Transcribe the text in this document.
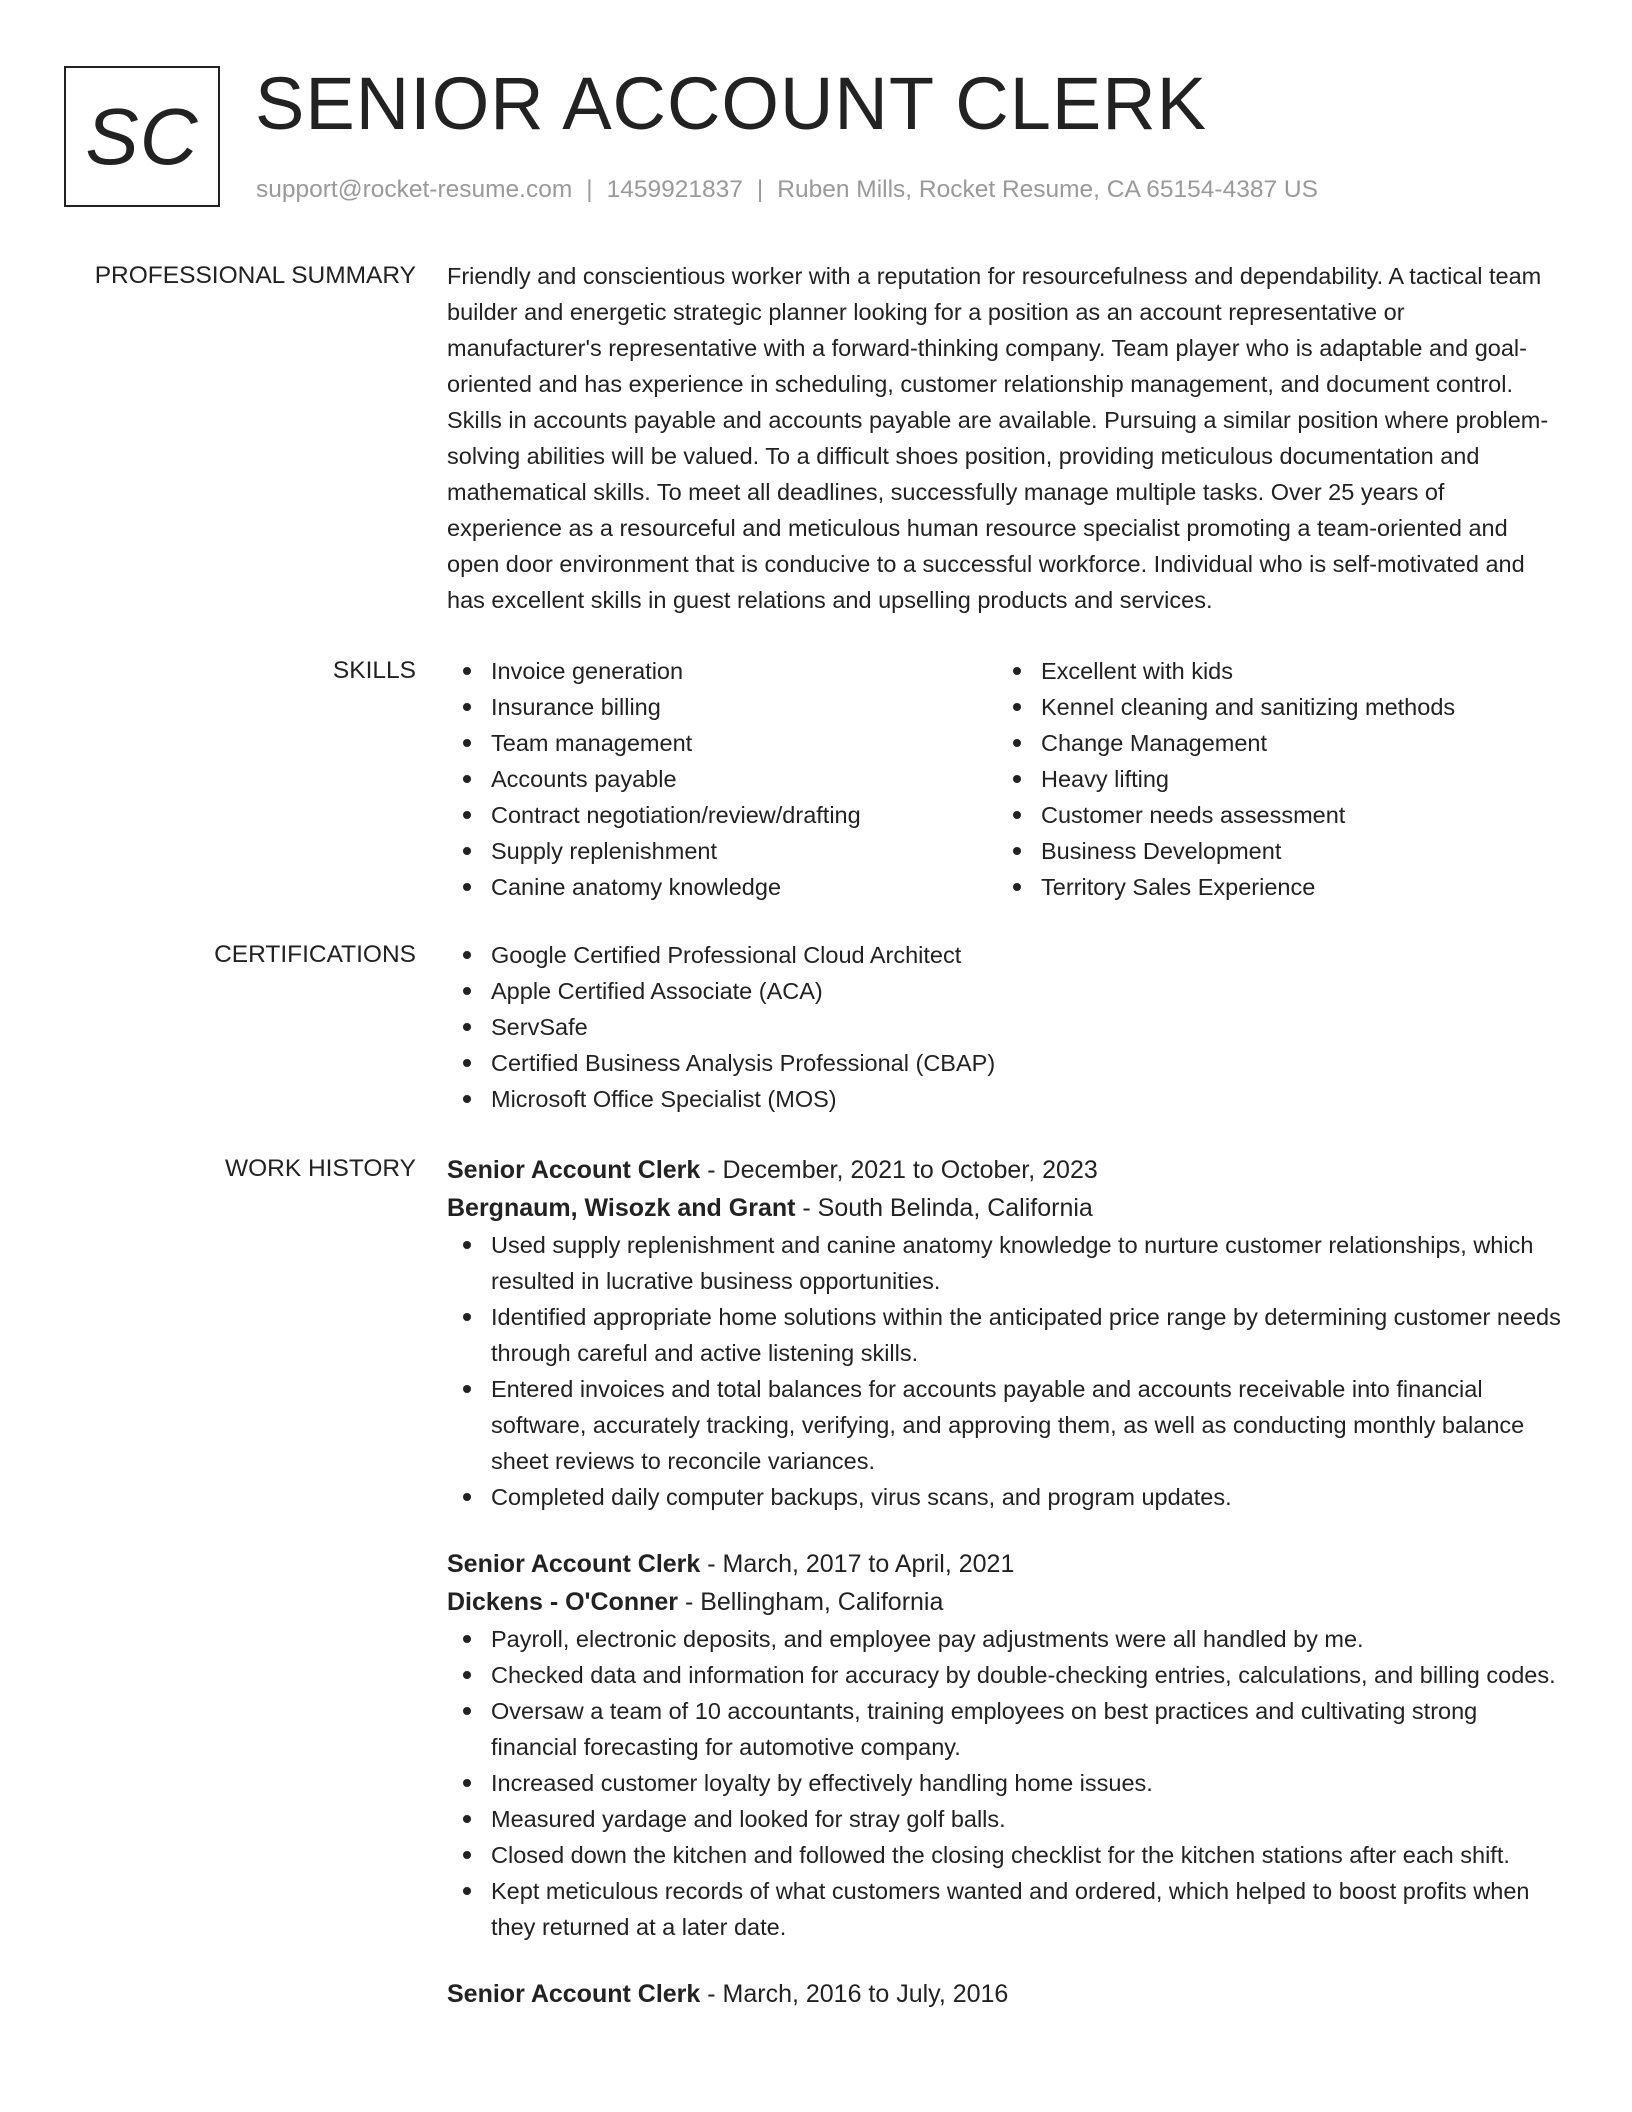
SC SENIOR ACCOUNT CLERK
support@rocket-resume.com | 1459921837 | Ruben Mills, Rocket Resume, CA 65154-4387 US
PROFESSIONAL SUMMARY Friendly and conscientious worker with a reputation for resourcefulness and dependability. A tactical team builder and energetic strategic planner looking for a position as an account representative or manufacturer's representative with a forward-thinking company. Team player who is adaptable and goal-oriented and has experience in scheduling, customer relationship management, and document control. Skills in accounts payable and accounts payable are available. Pursuing a similar position where problem-solving abilities will be valued. To a difficult shoes position, providing meticulous documentation and mathematical skills. To meet all deadlines, successfully manage multiple tasks. Over 25 years of experience as a resourceful and meticulous human resource specialist promoting a team-oriented and open door environment that is conducive to a successful workforce. Individual who is self-motivated and has excellent skills in guest relations and upselling products and services.

SKILLS	Invoice generation
Insurance billing
Team management
Accounts payable
Contract negotiation/review/drafting
Supply replenishment
Canine anatomy knowledge
Excellent with kids
Kennel cleaning and sanitizing methods
Change Management
Heavy lifting
Customer needs assessment
Business Development
Territory Sales Experience
CERTIFICATIONS	Google Certified Professional Cloud Architect
Apple Certified Associate (ACA)
ServSafe
Certified Business Analysis Professional (CBAP)
Microsoft Office Specialist (MOS)
WORK HISTORY Senior Account Clerk - December, 2021 to October, 2023
Bergnaum, Wisozk and Grant - South Belinda, California
Used supply replenishment and canine anatomy knowledge to nurture customer relationships, which resulted in lucrative business opportunities.
Identified appropriate home solutions within the anticipated price range by determining customer needs through careful and active listening skills.
Entered invoices and total balances for accounts payable and accounts receivable into financial software, accurately tracking, verifying, and approving them, as well as conducting monthly balance sheet reviews to reconcile variances.
Completed daily computer backups, virus scans, and program updates.
Senior Account Clerk - March, 2017 to April, 2021
Dickens - O'Conner - Bellingham, California
Payroll, electronic deposits, and employee pay adjustments were all handled by me.
Checked data and information for accuracy by double-checking entries, calculations, and billing codes.
Oversaw a team of 10 accountants, training employees on best practices and cultivating strong financial forecasting for automotive company.
Increased customer loyalty by effectively handling home issues.
Measured yardage and looked for stray golf balls.
Closed down the kitchen and followed the closing checklist for the kitchen stations after each shift.
Kept meticulous records of what customers wanted and ordered, which helped to boost profits when they returned at a later date.
Senior Account Clerk - March, 2016 to July, 2016
